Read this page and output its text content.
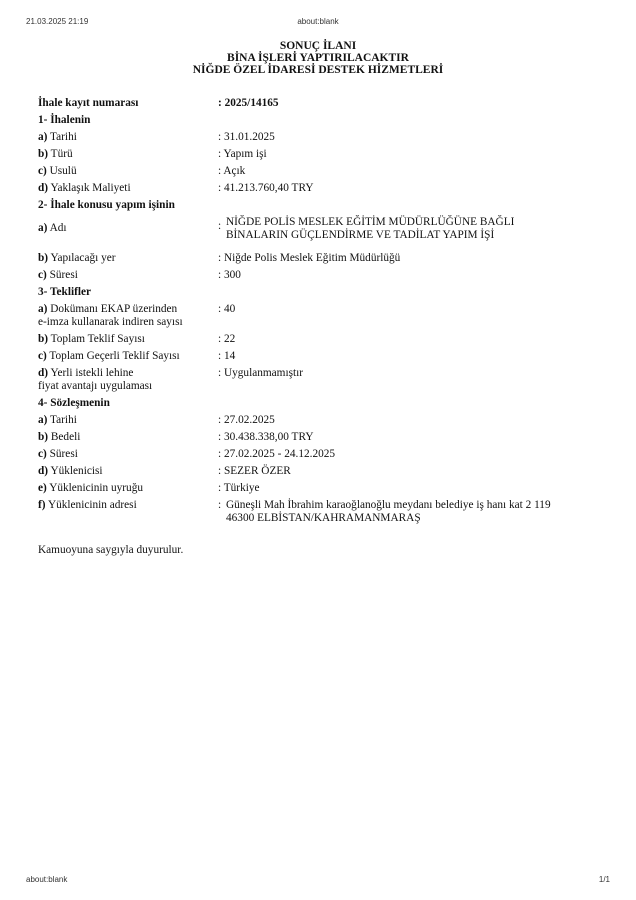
21.03.2025 21:19	about:blank
SONUÇ İLANI
BİNA İŞLERİ YAPTIRILACAKTIR
NİĞDE ÖZEL İDARESİ DESTEK HİZMETLERİ
İhale kayıt numarası	: 2025/14165
1- İhalenin	
a) Tarihi	: 31.01.2025
b) Türü	: Yapım işi
c) Usulü	: Açık
d) Yaklaşık Maliyeti	: 41.213.760,40 TRY
2- İhale konusu yapım işinin	
a) Adı	: NİĞDE POLİS MESLEK EĞİTİM MÜDÜRLÜĞÜNE BAĞLI
BİNALARIN GÜÇLENDİRME VE TADİLAT YAPIM İŞİ

b) Yapılacağı yer	: Niğde Polis Meslek Eğitim Müdürlüğü
c) Süresi	: 300
3- Teklifler	
a) Dokümanı EKAP üzerinden
e-imza kullanarak indiren sayısı	: 40
b) Toplam Teklif Sayısı	: 22
c) Toplam Geçerli Teklif Sayısı	: 14
d) Yerli istekli lehine
fiyat avantajı uygulaması	: Uygulanmamıştır
4- Sözleşmenin	
a) Tarihi	: 27.02.2025
b) Bedeli	: 30.438.338,00 TRY
c) Süresi	: 27.02.2025 - 24.12.2025
d) Yüklenicisi	: SEZER ÖZER
e) Yüklenicinin uyruğu	: Türkiye
f) Yüklenicinin adresi	: Güneşli Mah İbrahim karaoğlanoğlu meydanı belediye iş hanı kat 2 119
46300 ELBİSTAN/KAHRAMANMARAŞ
Kamuoyuna saygıyla duyurulur.
about:blank	1/1
